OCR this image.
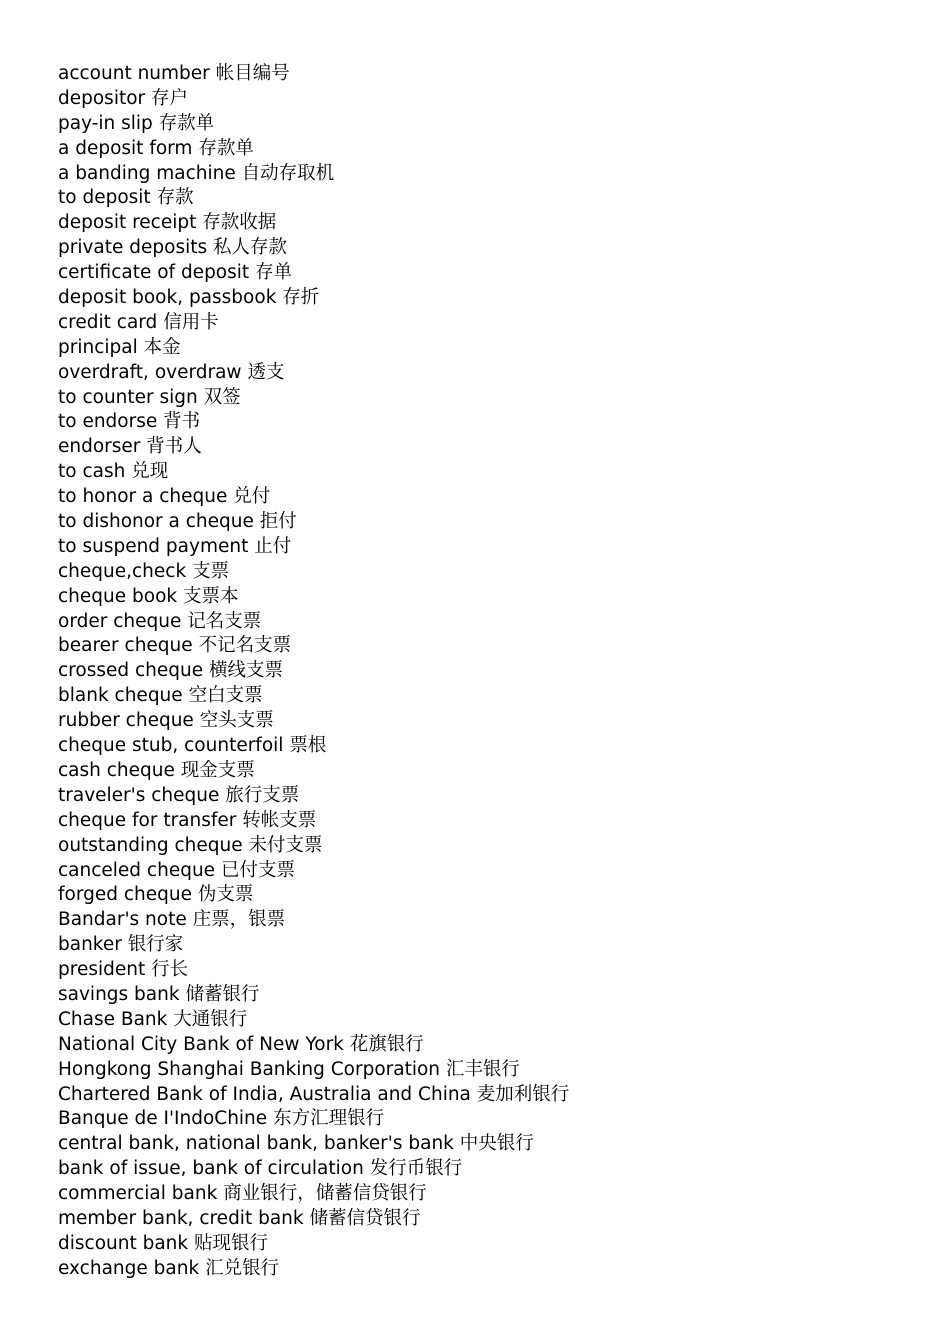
account number 帐目编号
depositor 存户
pay-in slip 存款单
a deposit form 存款单
a banding machine 自动存取机
to deposit 存款
deposit receipt 存款收据
private deposits 私人存款
certificate of deposit 存单
deposit book, passbook 存折
credit card 信用卡
principal 本金
overdraft, overdraw 透支
to counter sign 双签
to endorse 背书
endorser 背书人
to cash 兑现
to honor a cheque 兑付
to dishonor a cheque 拒付
to suspend payment 止付
cheque,check 支票
cheque book 支票本
order cheque 记名支票
bearer cheque 不记名支票
crossed cheque 横线支票
blank cheque 空白支票
rubber cheque 空头支票
cheque stub, counterfoil 票根
cash cheque 现金支票
traveler's cheque 旅行支票
cheque for transfer 转帐支票
outstanding cheque 未付支票
canceled cheque 已付支票
forged cheque 伪支票
Bandar's note 庄票，银票
banker 银行家
president 行长
savings bank 储蓄银行
Chase Bank 大通银行
National City Bank of New York 花旗银行
Hongkong Shanghai Banking Corporation 汇丰银行
Chartered Bank of India, Australia and China 麦加利银行
Banque de I'IndoChine 东方汇理银行
central bank, national bank, banker's bank 中央银行
bank of issue, bank of circulation 发行币银行
commercial bank 商业银行，储蓄信贷银行
member bank, credit bank 储蓄信贷银行
discount bank 贴现银行
exchange bank 汇兑银行
